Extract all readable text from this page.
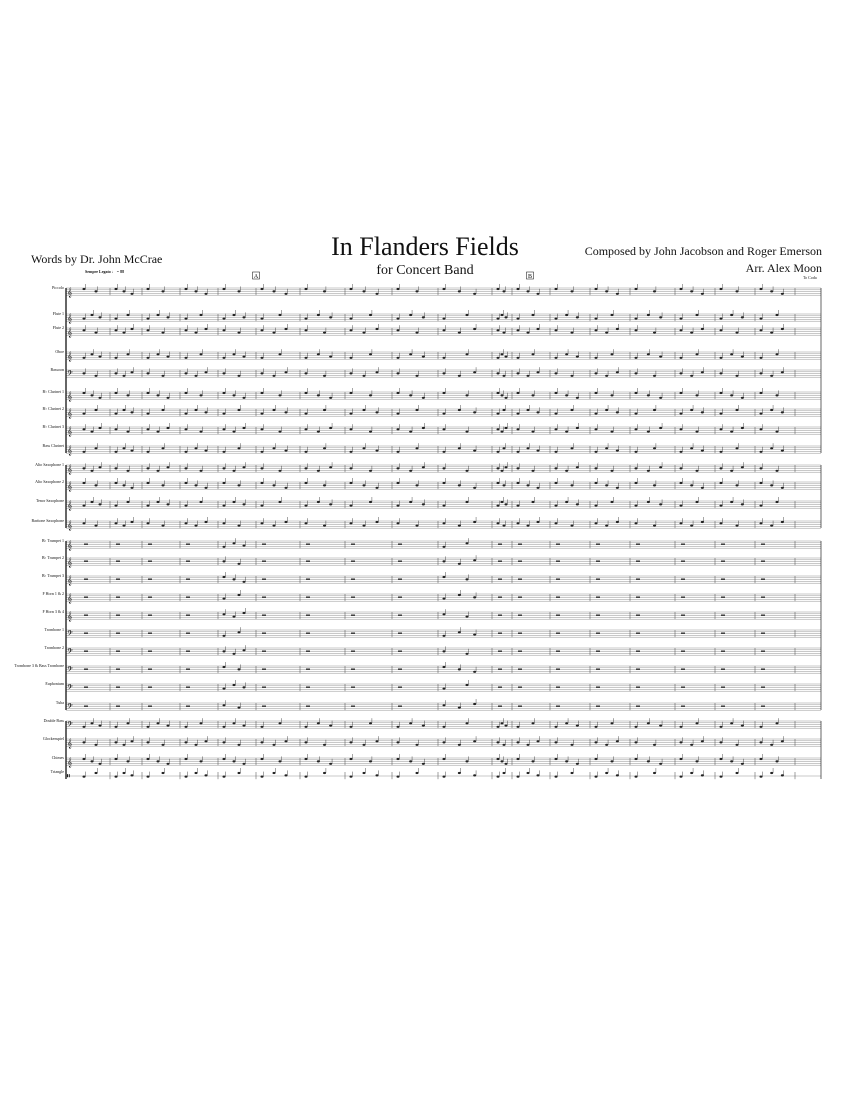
In Flanders Fields
for Concert Band
Words by Dr. John McCrae
Composed by John Jacobson and Roger Emerson
Arr. Alex Moon
Sempre Legato ♩ = 88
To Coda
Piccolo
Flute 1
Flute 2
Oboe
Bassoon
B♭ Clarinet 1
B♭ Clarinet 2
B♭ Clarinet 3
Bass Clarinet
Alto Saxophone 1
Alto Saxophone 2
Tenor Saxophone
Baritone Saxophone
B♭ Trumpet 1
B♭ Trumpet 2
B♭ Trumpet 3
F Horn 1 & 2
F Horn 3 & 4
Trombone 1
Trombone 2
Trombone 3 & Bass Trombone
Euphonium
Tuba
Double Bass
Glockenspiel
Chimes
Triangle
𝄞
𝄞
𝄞
𝄞
𝄢
𝄞
𝄞
𝄞
𝄞
𝄞
𝄞
𝄞
𝄞
𝄞
𝄞
𝄞
𝄞
𝄞
𝄢
𝄢
𝄢
𝄢
𝄢
𝄢
𝄞
𝄞
𝄥
A	B
